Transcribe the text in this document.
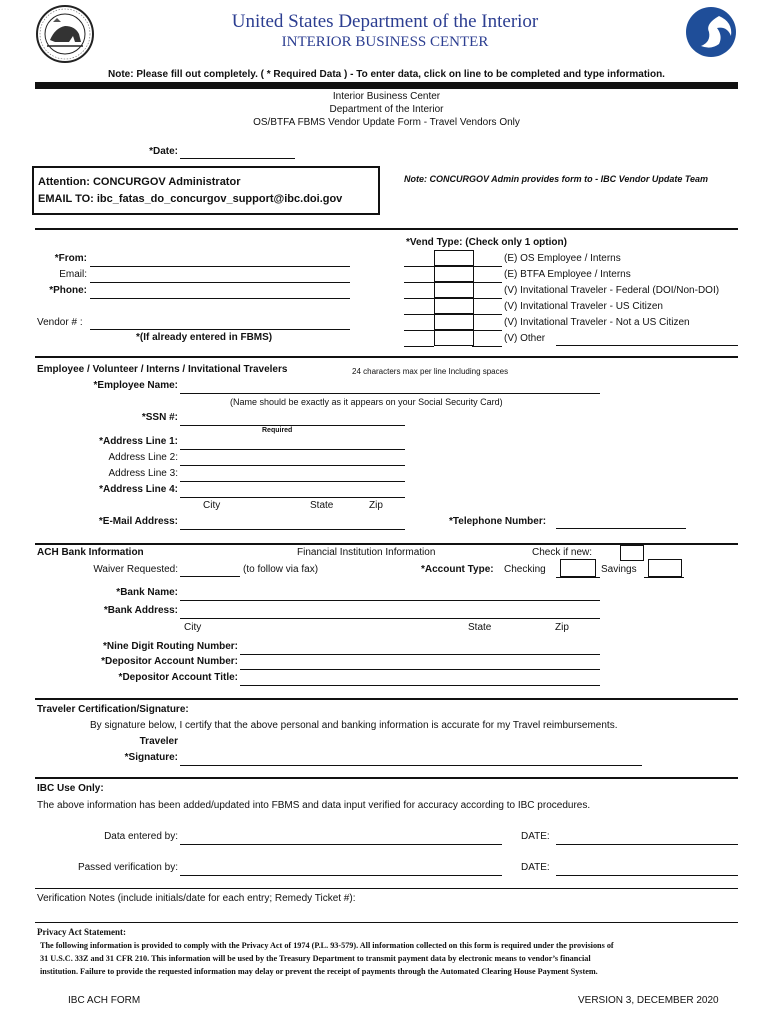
United States Department of the Interior
INTERIOR BUSINESS CENTER
Note: Please fill out completely. ( * Required Data ) - To enter data, click on line to be completed and type information.
Interior Business Center
Department of the Interior
OS/BTFA FBMS Vendor Update Form - Travel Vendors Only
*Date:
Attention: CONCURGOV Administrator
EMAIL TO: ibc_fatas_do_concurgov_support@ibc.doi.gov
Note: CONCURGOV Admin provides form to - IBC Vendor Update Team
*From:
Email:
*Phone:
Vendor # :
*(If already entered in FBMS)
*Vend Type: (Check only 1 option)
(E) OS Employee / Interns
(E) BTFA Employee / Interns
(V) Invitational Traveler - Federal (DOI/Non-DOI)
(V) Invitational Traveler - US Citizen
(V) Invitational Traveler - Not a US Citizen
(V) Other
Employee / Volunteer / Interns / Invitational Travelers	24 characters max per line Including spaces
*Employee Name:
(Name should be exactly as it appears on your Social Security Card)
*SSN #:
Required
*Address Line 1:
Address Line 2:
Address Line 3:
*Address Line 4:
City	State	Zip
*E-Mail Address:	*Telephone Number:
ACH Bank Information	Financial Institution Information	Check if new:
Waiver Requested:	(to follow via fax)	*Account Type: Checking	Savings
*Bank Name:
*Bank Address:
City	State	Zip
*Nine Digit Routing Number:
*Depositor Account Number:
*Depositor Account Title:
Traveler Certification/Signature:
By signature below, I certify that the above personal and banking information is accurate for my Travel reimbursements.
Traveler
*Signature:
IBC Use Only:
The above information has been added/updated into FBMS and data input verified for accuracy according to IBC procedures.
Data entered by:	DATE:
Passed verification by:	DATE:
Verification Notes (include initials/date for each entry; Remedy Ticket #):
Privacy Act Statement:
The following information is provided to comply with the Privacy Act of 1974 (P.L. 93-579). All information collected on this form is required under the provisions of
31 U.S.C. 33Z and 31 CFR 210. This information will be used by the Treasury Department to transmit payment data by electronic means to vendor’s financial
institution. Failure to provide the requested information may delay or prevent the receipt of payments through the Automated Clearing House Payment System.
IBC ACH FORM	VERSION 3, DECEMBER 2020
